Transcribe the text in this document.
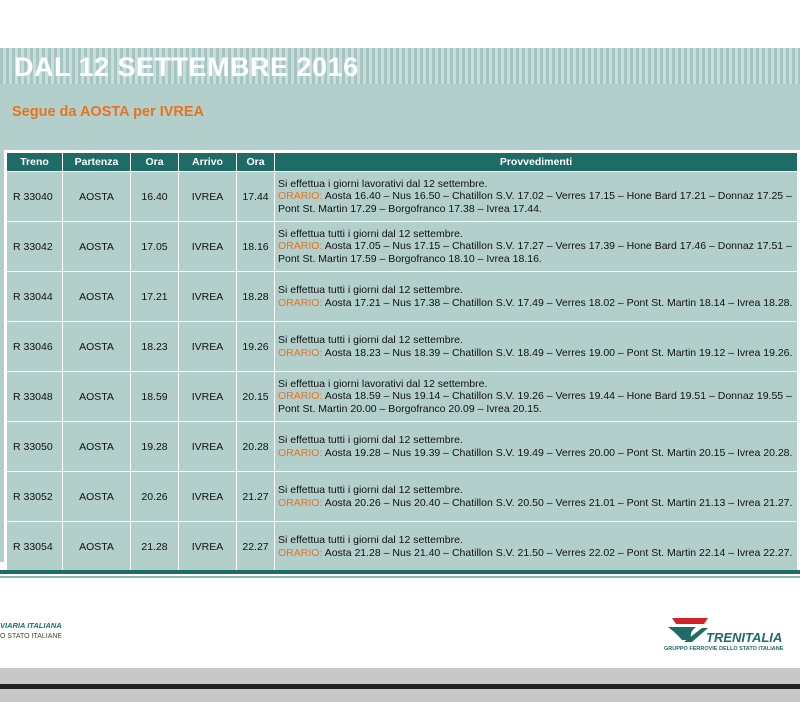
DAL 12 SETTEMBRE 2016
Segue da AOSTA per IVREA
Treno	Partenza	Ora	Arrivo	Ora	Provvedimenti
R 33040	AOSTA	16.40	IVREA	17.44	Si effettua i giorni lavorativi dal 12 settembre.
ORARIO: Aosta 16.40 – Nus 16.50 – Chatillon S.V. 17.02 – Verres 17.15 – Hone Bard 17.21 – Donnaz 17.25 – Pont St. Martin 17.29 – Borgofranco 17.38 – Ivrea 17.44.

R 33042	AOSTA	17.05	IVREA	18.16	Si effettua tutti i giorni dal 12 settembre.
ORARIO: Aosta 17.05 – Nus 17.15 – Chatillon S.V. 17.27 – Verres 17.39 – Hone Bard 17.46 – Donnaz 17.51 – Pont St. Martin 17.59 – Borgofranco 18.10 – Ivrea 18.16.

R 33044	AOSTA	17.21	IVREA	18.28	Si effettua tutti i giorni dal 12 settembre.
ORARIO: Aosta 17.21 – Nus 17.38 – Chatillon S.V. 17.49 – Verres 18.02 – Pont St. Martin 18.14 – Ivrea 18.28.

R 33046	AOSTA	18.23	IVREA	19.26	Si effettua tutti i giorni dal 12 settembre.
ORARIO: Aosta 18.23 – Nus 18.39 – Chatillon S.V. 18.49 – Verres 19.00 – Pont St. Martin 19.12 – Ivrea 19.26.

R 33048	AOSTA	18.59	IVREA	20.15	Si effettua i giorni lavorativi dal 12 settembre.
ORARIO: Aosta 18.59 – Nus 19.14 – Chatillon S.V. 19.26 – Verres 19.44 – Hone Bard 19.51 – Donnaz 19.55 – Pont St. Martin 20.00 – Borgofranco 20.09 – Ivrea 20.15.

R 33050	AOSTA	19.28	IVREA	20.28	Si effettua tutti i giorni dal 12 settembre.
ORARIO: Aosta 19.28 – Nus 19.39 – Chatillon S.V. 19.49 – Verres 20.00 – Pont St. Martin 20.15 – Ivrea 20.28.

R 33052	AOSTA	20.26	IVREA	21.27	Si effettua tutti i giorni dal 12 settembre.
ORARIO: Aosta 20.26 – Nus 20.40 – Chatillon S.V. 20.50 – Verres 21.01 – Pont St. Martin 21.13 – Ivrea 21.27.

R 33054	AOSTA	21.28	IVREA	22.27	Si effettua tutti i giorni dal 12 settembre.
ORARIO: Aosta 21.28 – Nus 21.40 – Chatillon S.V. 21.50 – Verres 22.02 – Pont St. Martin 22.14 – Ivrea 22.27.
VIARIA ITALIANA
O STATO ITALIANE	TRENITALIA
GRUPPO FERROVIE DELLO STATO ITALIANE
